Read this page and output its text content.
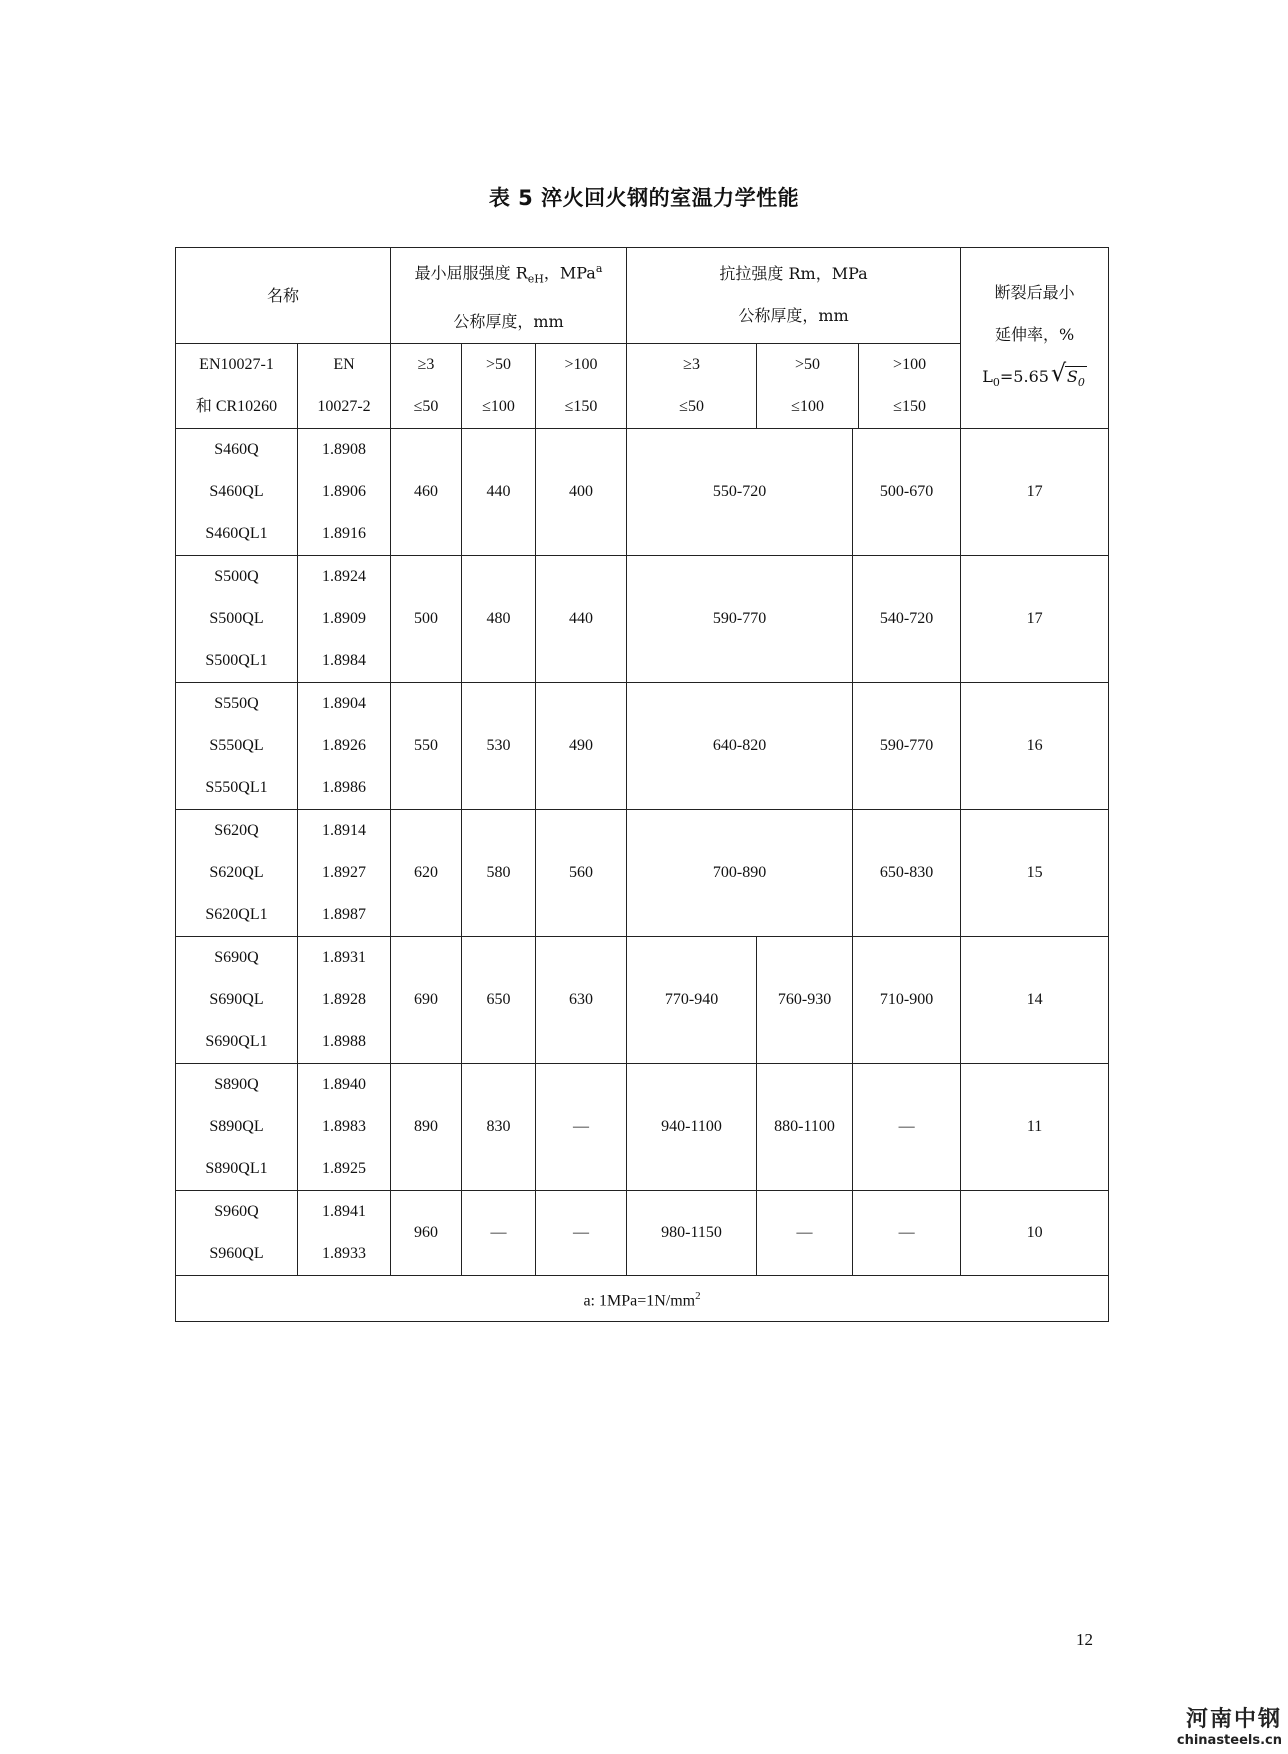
表 5 淬火回火钢的室温力学性能
名称	
最小屈服强度 $R_{eH}$，MPa$^a$
公称厚度，mm

抗拉强度 Rm，MPa
公称厚度，mm

断裂后最小
延伸率，%
$L_0=5.65√$ $S_0$

EN10027-1
和 CR10260

EN
10027-2

≥3
≤50

>50
≤100

>100
≤150

≥3
≤50

>50
≤100

>100
≤150

S460Q
S460QL
S460QL1

1.8908
1.8906
1.8916
	460	440	400	550-720	500-670	17

S500Q
S500QL
S500QL1

1.8924
1.8909
1.8984
	500	480	440	590-770	540-720	17

S550Q
S550QL
S550QL1

1.8904
1.8926
1.8986
	550	530	490	640-820	590-770	16

S620Q
S620QL
S620QL1

1.8914
1.8927
1.8987
	620	580	560	700-890	650-830	15

S690Q
S690QL
S690QL1

1.8931
1.8928
1.8988
	690	650	630	770-940	760-930	710-900	14

S890Q
S890QL
S890QL1

1.8940
1.8983
1.8925
	890	830	—	940-1100	880-1100	—	11

S960Q
S960QL

1.8941
1.8933
	960	—	—	980-1150	—	—	10
a: $1MPa=1N/mm^2$
12
河南中钢
chinasteels.cn
